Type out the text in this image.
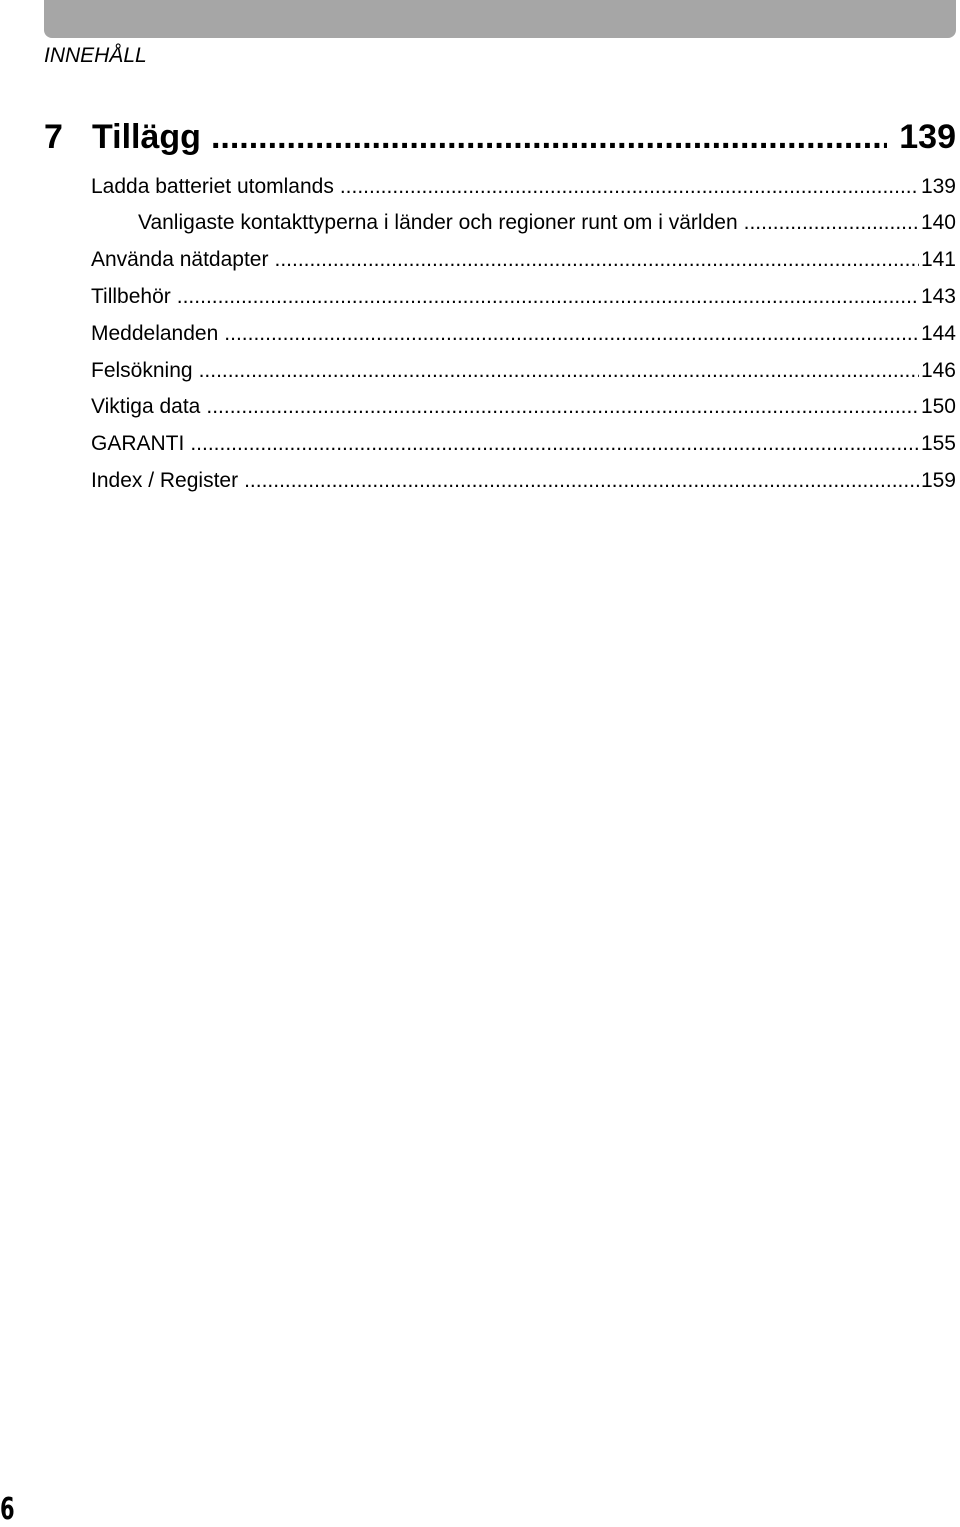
INNEHÅLL
7 Tillägg .....	139
Ladda batteriet utomlands .....	139
Vanligaste kontakttyperna i länder och regioner runt om i världen .....	140
Använda nätdapter .....	141
Tillbehör .....	143
Meddelanden .....	144
Felsökning .....	146
Viktiga data .....	150
GARANTI .....	155
Index / Register .....	159
6
